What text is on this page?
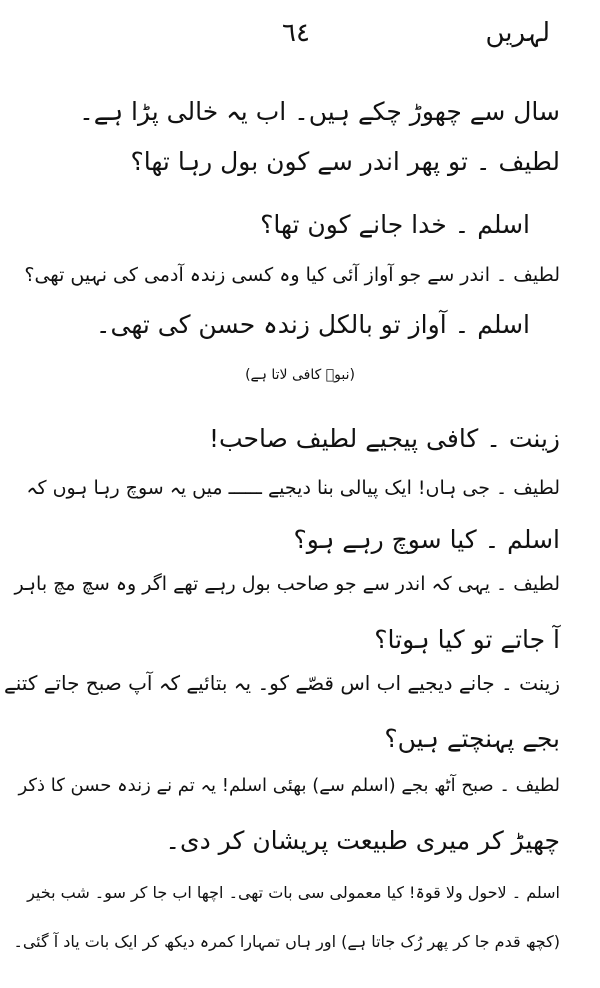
لہریں
٦٤
سال سے چھوڑ چکے ہیں۔ اب یہ خالی پڑا ہے۔
لطیف ۔ تو پھر اندر سے کون بول رہا تھا؟
اسلم ۔ خدا جانے کون تھا؟
لطیف ۔ اندر سے جو آواز آئی کیا وہ کسی زندہ آدمی کی نہیں تھی؟
اسلم ۔ آواز تو بالکل زندہ حسن کی تھی۔
(نبوؔ کافی لاتا ہے)
زینت ۔ کافی پیجیے لطیف صاحب!
لطیف ۔ جی ہاں! ایک پیالی بنا دیجیے ــــــ میں یہ سوچ رہا ہوں کہ
اسلم ۔ کیا سوچ رہے ہو؟
لطیف ۔ یہی کہ اندر سے جو صاحب بول رہے تھے اگر وہ سچ مچ باہر
آ جاتے تو کیا ہوتا؟
زینت ۔ جانے دیجیے اب اس قصّے کو۔ یہ بتائیے کہ آپ صبح جاتے کتنے
بجے پہنچتے ہیں؟
لطیف ۔ صبح آٹھ بجے (اسلم سے) بھئی اسلم! یہ تم نے زندہ حسن کا ذکر
چھیڑ کر میری طبیعت پریشان کر دی۔
اسلم ۔ لاحول ولا قوۃ! کیا معمولی سی بات تھی۔ اچھا اب جا کر سو۔ شب بخیر
(کچھ قدم جا کر پھر رُک جاتا ہے) اور ہاں تمہارا کمرہ دیکھ کر ایک بات یاد آ گئی۔
